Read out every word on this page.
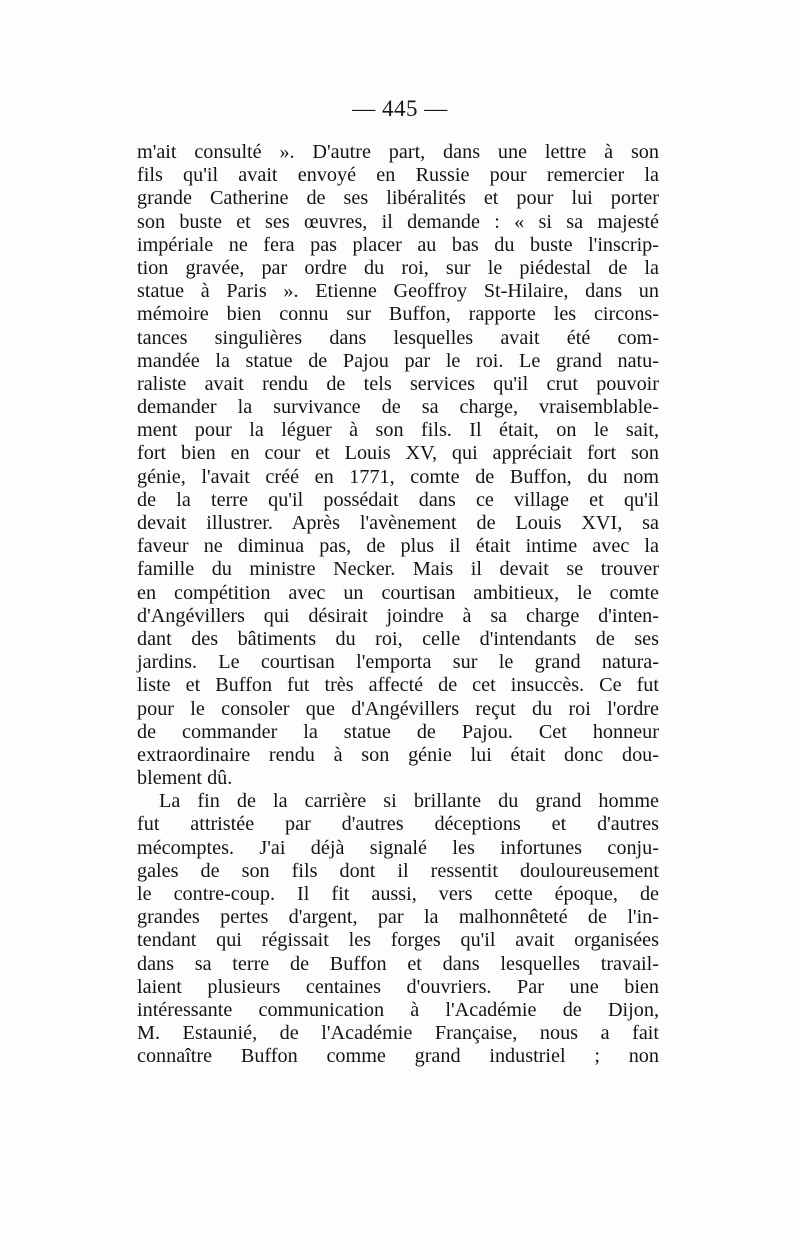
— 445 —
m'ait consulté ». D'autre part, dans une lettre à son
fils qu'il avait envoyé en Russie pour remercier la
grande Catherine de ses libéralités et pour lui porter
son buste et ses œuvres, il demande : « si sa majesté
impériale ne fera pas placer au bas du buste l'inscrip-
tion gravée, par ordre du roi, sur le piédestal de la
statue à Paris ». Etienne Geoffroy St-Hilaire, dans un
mémoire bien connu sur Buffon, rapporte les circons-
tances singulières dans lesquelles avait été com-
mandée la statue de Pajou par le roi. Le grand natu-
raliste avait rendu de tels services qu'il crut pouvoir
demander la survivance de sa charge, vraisemblable-
ment pour la léguer à son fils. Il était, on le sait,
fort bien en cour et Louis XV, qui appréciait fort son
génie, l'avait créé en 1771, comte de Buffon, du nom
de la terre qu'il possédait dans ce village et qu'il
devait illustrer. Après l'avènement de Louis XVI, sa
faveur ne diminua pas, de plus il était intime avec la
famille du ministre Necker. Mais il devait se trouver
en compétition avec un courtisan ambitieux, le comte
d'Angévillers qui désirait joindre à sa charge d'inten-
dant des bâtiments du roi, celle d'intendants de ses
jardins. Le courtisan l'emporta sur le grand natura-
liste et Buffon fut très affecté de cet insuccès. Ce fut
pour le consoler que d'Angévillers reçut du roi l'ordre
de commander la statue de Pajou. Cet honneur
extraordinaire rendu à son génie lui était donc dou-
blement dû.
La fin de la carrière si brillante du grand homme
fut attristée par d'autres déceptions et d'autres
mécomptes. J'ai déjà signalé les infortunes conju-
gales de son fils dont il ressentit douloureusement
le contre-coup. Il fit aussi, vers cette époque, de
grandes pertes d'argent, par la malhonnêteté de l'in-
tendant qui régissait les forges qu'il avait organisées
dans sa terre de Buffon et dans lesquelles travail-
laient plusieurs centaines d'ouvriers. Par une bien
intéressante communication à l'Académie de Dijon,
M. Estaunié, de l'Académie Française, nous a fait
connaître Buffon comme grand industriel ; non
